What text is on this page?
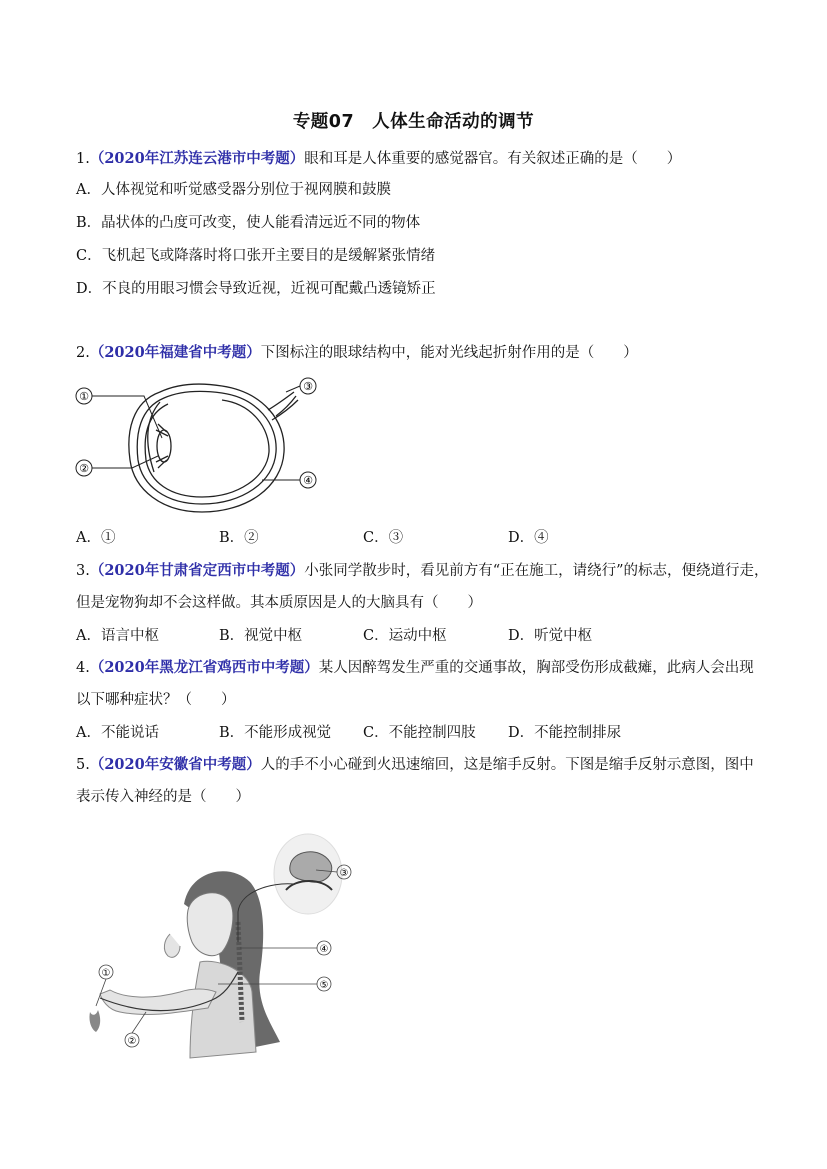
专题07　人体生命活动的调节
1.（2020年江苏连云港市中考题）眼和耳是人体重要的感觉器官。有关叙述正确的是（　　）
A．人体视觉和听觉感受器分别位于视网膜和鼓膜
B．晶状体的凸度可改变，使人能看清远近不同的物体
C．飞机起飞或降落时将口张开主要目的是缓解紧张情绪
D．不良的用眼习惯会导致近视，近视可配戴凸透镜矫正
2.（2020年福建省中考题）下图标注的眼球结构中，能对光线起折射作用的是（　　）
①
②
③
④
A．①	B．②	C．③	D．④
3.（2020年甘肃省定西市中考题）小张同学散步时，看见前方有“正在施工，请绕行”的标志，便绕道行走，
但是宠物狗却不会这样做。其本质原因是人的大脑具有（　　）
A．语言中枢	B．视觉中枢	C．运动中枢	D．听觉中枢
4.（2020年黑龙江省鸡西市中考题）某人因醉驾发生严重的交通事故，胸部受伤形成截瘫，此病人会出现
以下哪种症状？（　　）
A．不能说话	B．不能形成视觉 C．不能控制四肢 D．不能控制排尿
5.（2020年安徽省中考题）人的手不小心碰到火迅速缩回，这是缩手反射。下图是缩手反射示意图，图中
表示传入神经的是（　　）
①
②
③
④
⑤
